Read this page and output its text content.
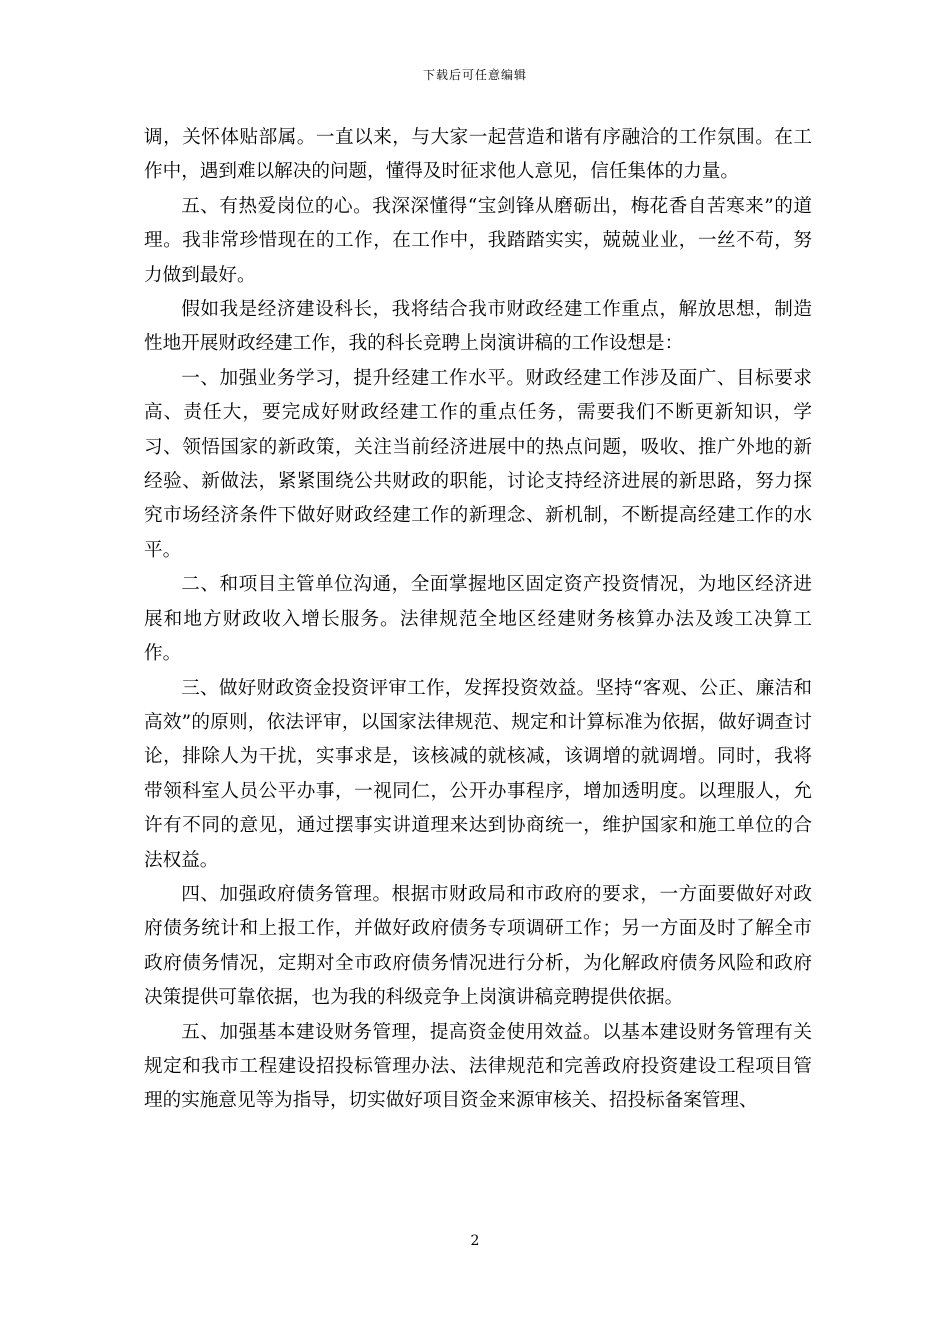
下载后可任意编辑

调，关怀体贴部属。一直以来，与大家一起营造和谐有序融洽的工作氛围。在工作中，遇到难以解决的问题，懂得及时征求他人意见，信任集体的力量。

五、有热爱岗位的心。我深深懂得“宝剑锋从磨砺出，梅花香自苦寒来”的道理。我非常珍惜现在的工作，在工作中，我踏踏实实，兢兢业业，一丝不苟，努力做到最好。

假如我是经济建设科长，我将结合我市财政经建工作重点，解放思想，制造性地开展财政经建工作，我的科长竞聘上岗演讲稿的工作设想是：

一、加强业务学习，提升经建工作水平。财政经建工作涉及面广、目标要求高、责任大，要完成好财政经建工作的重点任务，需要我们不断更新知识，学习、领悟国家的新政策，关注当前经济进展中的热点问题，吸收、推广外地的新经验、新做法，紧紧围绕公共财政的职能，讨论支持经济进展的新思路，努力探究市场经济条件下做好财政经建工作的新理念、新机制，不断提高经建工作的水平。

二、和项目主管单位沟通，全面掌握地区固定资产投资情况，为地区经济进展和地方财政收入增长服务。法律规范全地区经建财务核算办法及竣工决算工作。

三、做好财政资金投资评审工作，发挥投资效益。坚持“客观、公正、廉洁和高效”的原则，依法评审，以国家法律规范、规定和计算标准为依据，做好调查讨论，排除人为干扰，实事求是，该核减的就核减，该调增的就调增。同时，我将带领科室人员公平办事，一视同仁，公开办事程序，增加透明度。以理服人，允许有不同的意见，通过摆事实讲道理来达到协商统一，维护国家和施工单位的合法权益。

四、加强政府债务管理。根据市财政局和市政府的要求，一方面要做好对政府债务统计和上报工作，并做好政府债务专项调研工作；另一方面及时了解全市政府债务情况，定期对全市政府债务情况进行分析，为化解政府债务风险和政府决策提供可靠依据，也为我的科级竞争上岗演讲稿竞聘提供依据。

五、加强基本建设财务管理，提高资金使用效益。以基本建设财务管理有关规定和我市工程建设招投标管理办法、法律规范和完善政府投资建设工程项目管理的实施意见等为指导，切实做好项目资金来源审核关、招投标备案管理、

2
